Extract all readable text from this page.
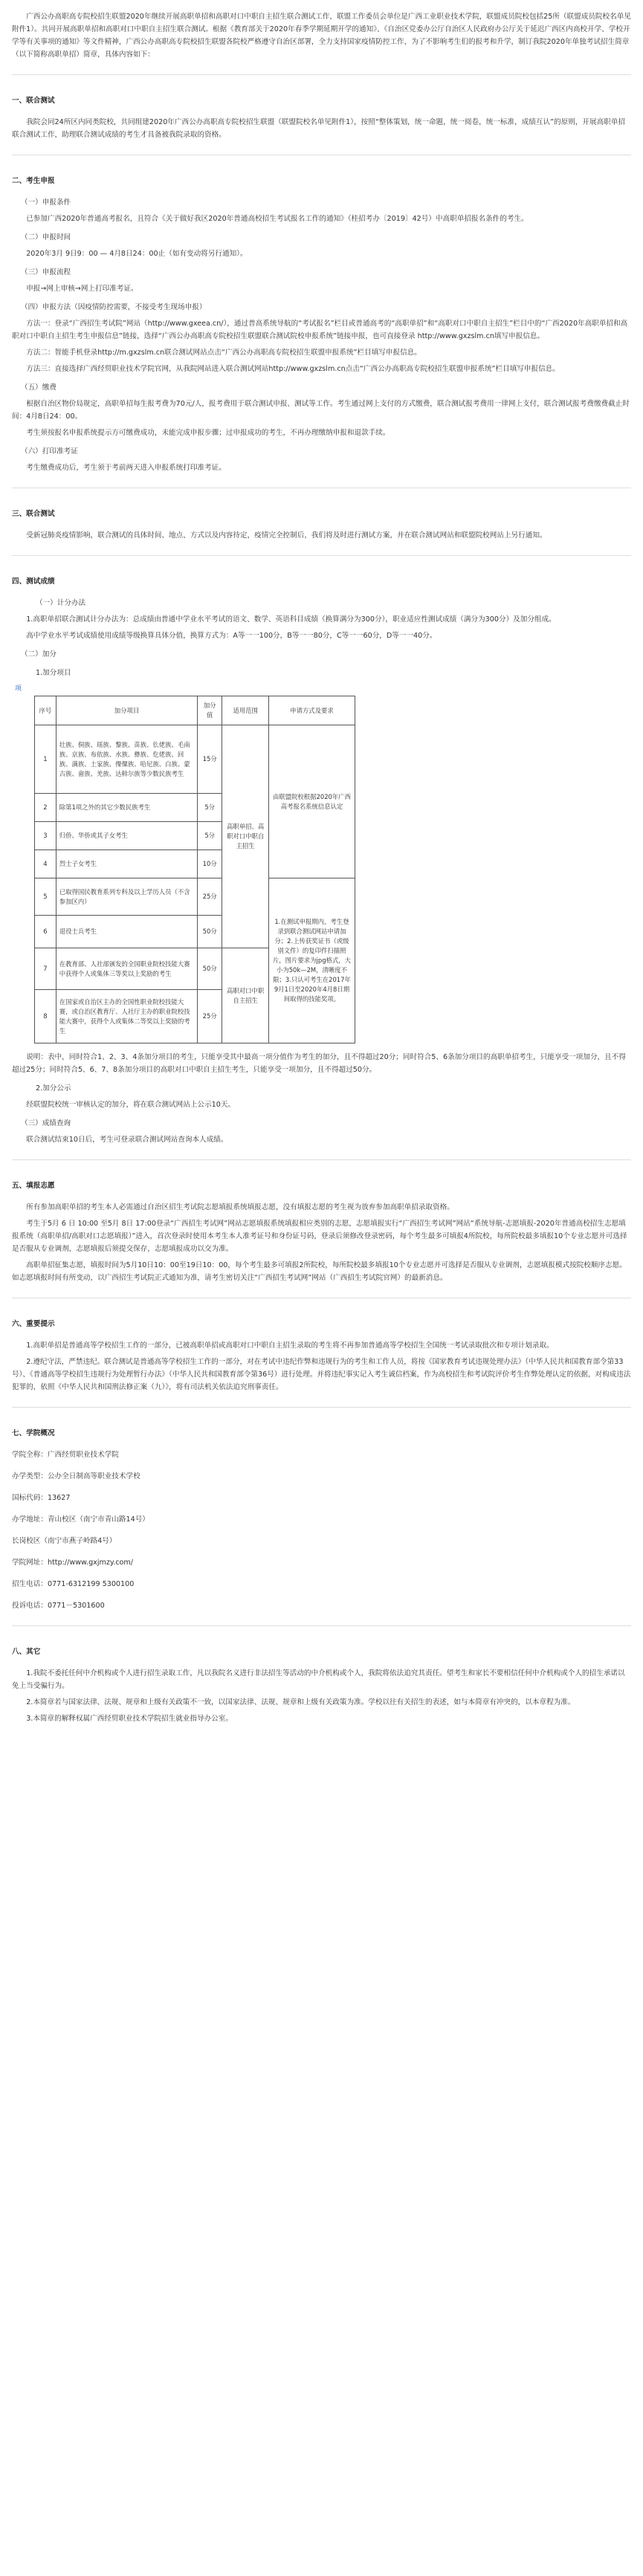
广西公办高职高专院校招生联盟2020年继续开展高职单招和高职对口中职自主招生联合测试工作，联盟工作委员会单位是广西工业职业技术学院，联盟成员院校包括25所（联盟成员院校名单见附件1）。共同开展高职单招和高职对口中职自主招生联合测试。根据《教育部关于2020年春季学期延期开学的通知》、《自治区党委办公厅自治区人民政府办公厅关于延迟广西区内高校开学、学校开学等有关事项的通知》等文件精神，广西公办高职高专院校招生联盟各院校严格遵守自治区部署，全力支持国家疫情防控工作，为了不影响考生们的报考和升学，制订我院2020年单独考试招生简章（以下简称高职单招）简章，具体内容如下：

一、联合测试

我院会同24所区内同类院校，共同组建2020年广西公办高职高专院校招生联盟（联盟院校名单见附件1），按照“整体策划，统一命题，统一阅卷，统一标准，成绩互认”的原则，开展高职单招联合测试工作，助理联合测试成绩的考生才具备被我院录取的资格。

二、考生申报
（一）申报条件

已参加广西2020年普通高考报名，且符合《关于做好我区2020年普通高校招生考试报名工作的通知》（桂招考办〔2019〕42号）中高职单招报名条件的考生。

（二）申报时间

2020年3月 9日9：00 — 4月8日24：00止（如有变动将另行通知）。

（三）申报流程

申报→网上审核→网上打印准考证。

（四）申报方法（因疫情防控需要，不接受考生现场申报）

方法一：登录“广西招生考试院”网站（http://www.gxeea.cn/），通过普高系统导航的“考试报名”栏目或普通高考的“高职单招”和“高职对口中职自主招生”栏目中的“广西2020年高职单招和高职对口中职自主招生考生申报信息”链接，选择“广西公办高职高专院校招生联盟联合测试院校申报系统”链接申报，也可直接登录 http://www.gxzslm.cn填写申报信息。

方法二：智能手机登录http://m.gxzslm.cn联合测试网站点击“广西公办高职高专院校招生联盟申报系统”栏目填写申报信息。

方法三：直接选择广西经贸职业技术学院官网，从我院网站进入联合测试网站http://www.gxzslm.cn点击“广西公办高职高专院校招生联盟申报系统”栏目填写申报信息。

（五）缴费

根据自治区物价局规定，高职单招每生报考费为70元/人，报考费用于联合测试申报、测试等工作。考生通过网上支付的方式缴费，联合测试报考费用一律网上支付，联合测试报考费缴费截止时间：4月8日24：00。

考生须按报名申报系统提示方可缴费成功，未能完成申报步骤；过申报成功的考生，不再办理缴纳申报和退款手续。

（六）打印准考证

考生缴费成功后，考生须于考前两天进入申报系统打印准考证。

三、联合测试

受新冠肺炎疫情影响，联合测试的具体时间、地点、方式以及内容待定，疫情完全控制后，我们将及时进行测试方案，并在联合测试网站和联盟院校网站上另行通知。

四、测试成绩
（一）计分办法

1.高职单招联合测试计分办法为：总成绩由普通中学业水平考试的语文、数学、英语科目成绩（换算满分为300分），职业适应性测试成绩（满分为300分）及加分组成。

高中学业水平考试成绩使用成绩等级换算具体分值，换算方式为：A等一一100分，B等一一80分，C等一一60分，D等一一40分。

（二）加分
1.加分项目
项
序号	加分项目	加分值	适用范围	申请方式及要求
1	壮族、侗族、瑶族、黎族、苗族、仫佬族、毛南族、京族、布依族、水族、彝族、仡佬族、回族、满族、土家族、傈僳族、哈尼族、白族、蒙古族、畲族、羌族、达斡尔族等少数民族考生	15分	高职单招、高职对口中职自主招生	由联盟院校根据2020年广西高考报名系统信息认定
2	除第1项之外的其它少数民族考生	5分		
3	归侨、华侨或其子女考生	5分		
4	烈士子女考生	10分		
5	已取得国民教育系列专科及以上学历人员（不含参加区内）	25分		1.在测试申报期内，考生登录到联合测试网站申请加分；2.上传获奖证书（或级别文件）的复印件扫描照片，图片要求为jpg格式，大小为50k—2M，清晰度不限；3.只认可考生在2017年9月1日至2020年4月8日期间取得的技能奖项。
6	退役士兵考生	50分		
7	在教育部、人社部颁发的全国职业院校技能大赛中获得个人或集体三等奖以上奖励的考生	50分	高职对口中职自主招生	
8	在国家或自治区主办的全国性职业院校技能大赛，或自治区教育厅、人社厅主办的职业院校技能大赛中，获得个人或集体二等奖以上奖励的考生	25分		

说明：表中，同时符合1、2、3、4条加分项目的考生，只能享受其中最高一项分值作为考生的加分，且不得超过20分；同时符合5、6条加分项目的高职单招考生，只能享受一项加分，且不得超过25分；同时符合5、6、7、8条加分项目的高职对口中职自主招生考生，只能享受一项加分，且不得超过50分。

2.加分公示

经联盟院校统一审核认定的加分，将在联合测试网站上公示10天。

（三）成绩查询

联合测试结束10日后，考生可登录联合测试网站查询本人成绩。

五、填报志愿

所有参加高职单招的考生本人必需通过自治区招生考试院志愿填报系统填报志愿，没有填报志愿的考生视为放弃参加高职单招录取资格。

考生于5月 6 日 10:00 至5月 8日 17:00登录“广西招生考试网”网站志愿填报系统填报相应类别的志愿，志愿填报实行“广西招生考试网”网站“系统导航-志愿填报-2020年普通高校招生志愿填报系统（高职单招/高职对口志愿填报）”进入，首次登录时使用本考生本人准考证号和身份证号码，登录后须修改登录密码，每个考生最多可填报4所院校，每所院校最多填报10个专业志愿并可选择是否服从专业调剂，志愿填报后须提交保存，志愿填报成功以交为准。

高职单招征集志愿，填报时间为5月10日10：00至19日10：00，每个考生最多可填报2所院校，每所院校最多填报10个专业志愿并可选择是否服从专业调剂，志愿填报模式按院校顺序志愿。如志愿填报时间有所变动，以广西招生考试院正式通知为准，请考生密切关注“广西招生考试网”网站（广西招生考试院官网）的最新消息。

六、重要提示

1.高职单招是普通高等学校招生工作的一部分，已被高职单招或高职对口中职自主招生录取的考生将不再参加普通高等学校招生全国统一考试录取批次和专项计划录取。

2.遵纪守法，严禁违纪。联合测试是普通高等学校招生工作的一部分，对在考试中违纪作弊和违规行为的考生和工作人员，将按《国家教育考试违规处理办法》（中华人民共和国教育部令第33号）、《普通高等学校招生违规行为处理暂行办法》（中华人民共和国教育部令第36号）进行处理。并将违纪事实记入考生诚信档案，作为高校招生和考试院评价考生作弊处理认定的依据，对构成违法犯罪的，依照《中华人民共和国刑法修正案（九）》，将有司法机关依法追究刑事责任。

七、学院概况

学院全称：广西经贸职业技术学院

办学类型：公办全日制高等职业技术学校

国标代码：13627

办学地址：青山校区（南宁市青山路14号）

长岗校区（南宁市燕子岭路4号）

学院网址：http://www.gxjmzy.com/

招生电话：0771-6312199 5300100

投诉电话：0771－5301600

八、其它

1.我院不委托任何中介机构或个人进行招生录取工作，凡以我院名义进行非法招生等活动的中介机构或个人，我院将依法追究其责任。望考生和家长不要相信任何中介机构或个人的招生承诺以免上当受骗行为。

2.本简章若与国家法律、法规、规章和上级有关政策不一致，以国家法律、法规、规章和上级有关政策为准。学校以往有关招生的表述，如与本简章有冲突的，以本章程为准。

3.本简章的解释权属广西经贸职业技术学院招生就业指导办公室。
